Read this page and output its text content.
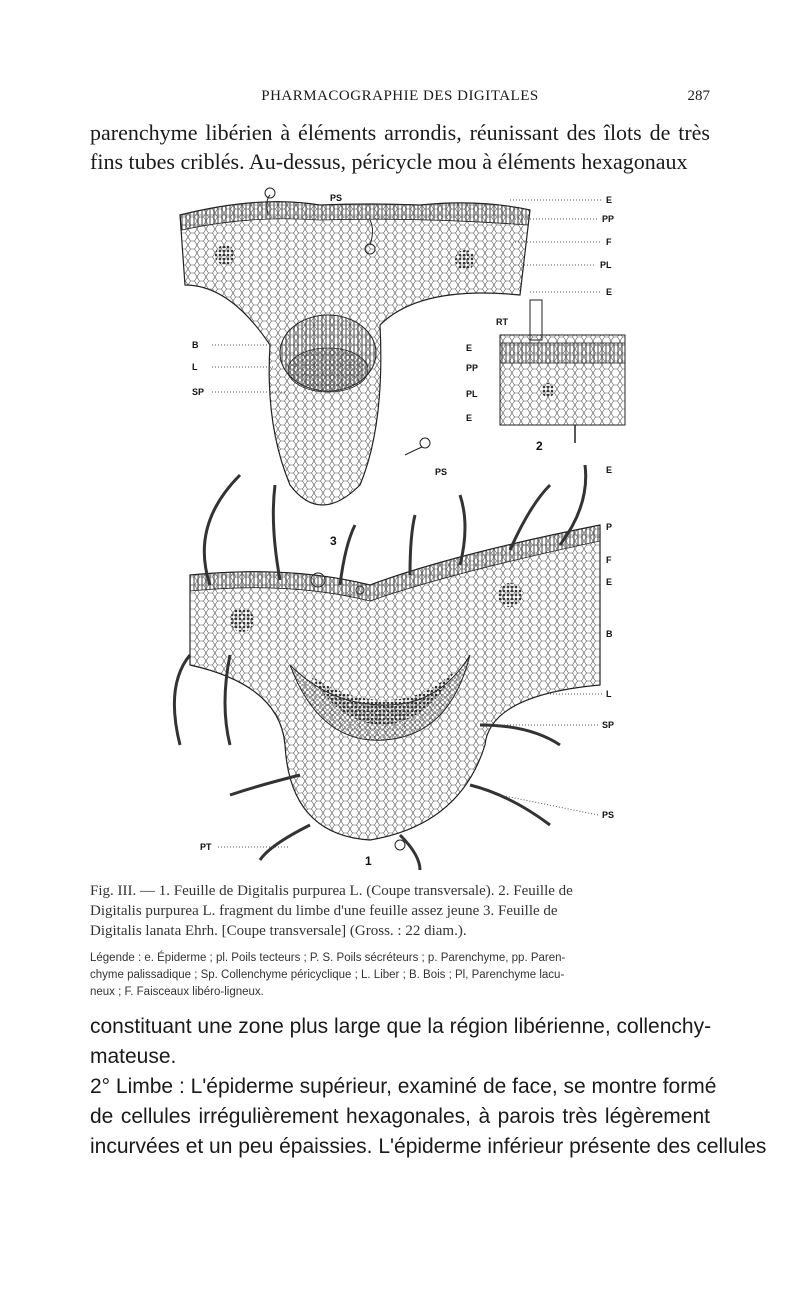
PHARMACOGRAPHIE DES DIGITALES	287
parenchyme libérien à éléments arrondis, réunissant des îlots de très
fins tubes criblés. Au-dessus, péricycle mou à éléments hexagonaux
PS
B
L
SP
PS
E
PP
F
PL
E
RT
E
PP
PL
E
2
3
1
E
P
F
E
B
L
SP
PS
PT
Fig. III. — 1. Feuille de Digitalis purpurea L. (Coupe transversale). 2. Feuille de
Digitalis purpurea L. fragment du limbe d'une feuille assez jeune 3. Feuille de
Digitalis lanata Ehrh. [Coupe transversale] (Gross. : 22 diam.).
Légende : e. Épiderme ; pl. Poils tecteurs ; P. S. Poils sécréteurs ; p. Parenchyme, pp. Paren-
chyme palissadique ; Sp. Collenchyme péricyclique ; L. Liber ; B. Bois ; Pl, Parenchyme lacu-
neux ; F. Faisceaux libéro-ligneux.
constituant une zone plus large que la région libérienne, collenchy-
mateuse.
2° Limbe : L'épiderme supérieur, examiné de face, se montre formé
de cellules irrégulièrement hexagonales, à parois très légèrement
incurvées et un peu épaissies. L'épiderme inférieur présente des cellules
